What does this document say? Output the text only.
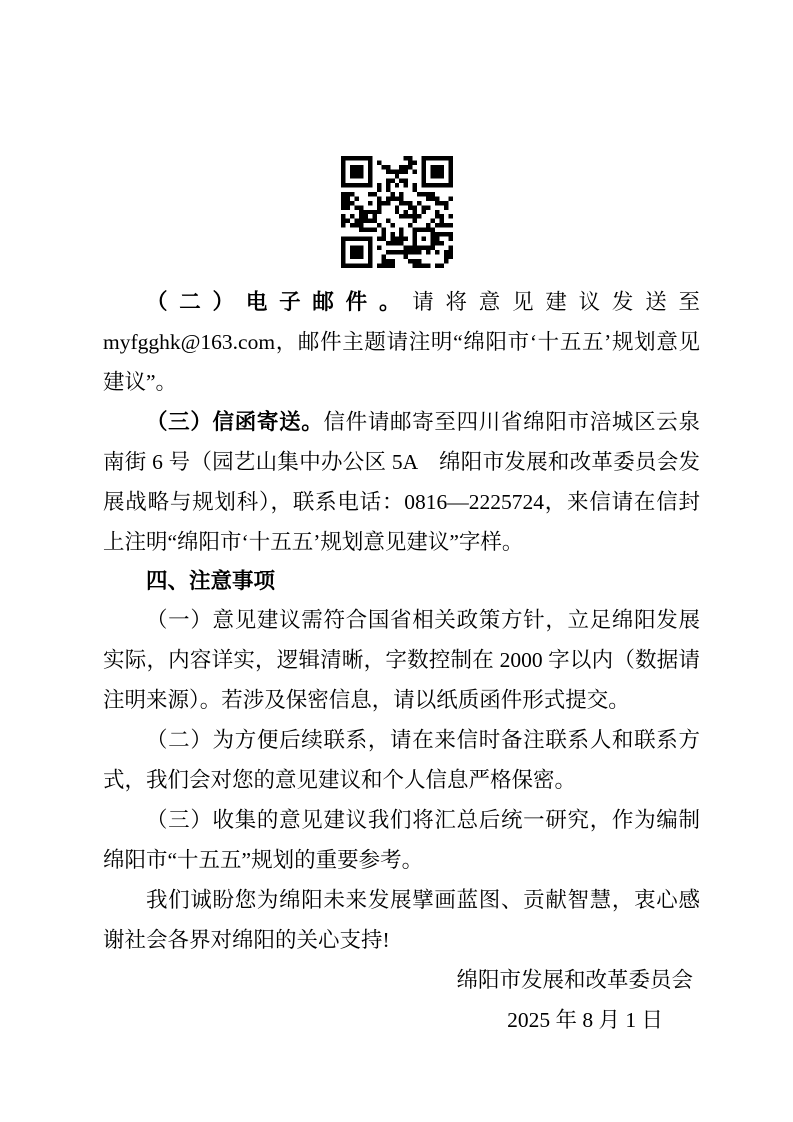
（二）电子邮件。请将意见建议发送至 myfgghk@163.com，邮件主题请注明“绵阳市‘十五五’规划意见建议”。

（三）信函寄送。信件请邮寄至四川省绵阳市涪城区云泉南街 6 号（园艺山集中办公区 5A　绵阳市发展和改革委员会发展战略与规划科），联系电话：0816—2225724，来信请在信封上注明“绵阳市‘十五五’规划意见建议”字样。

四、注意事项

（一）意见建议需符合国省相关政策方针，立足绵阳发展实际，内容详实，逻辑清晰，字数控制在 2000 字以内（数据请注明来源）。若涉及保密信息，请以纸质函件形式提交。

（二）为方便后续联系，请在来信时备注联系人和联系方式，我们会对您的意见建议和个人信息严格保密。

（三）收集的意见建议我们将汇总后统一研究，作为编制绵阳市“十五五”规划的重要参考。

我们诚盼您为绵阳未来发展擘画蓝图、贡献智慧，衷心感谢社会各界对绵阳的关心支持!

绵阳市发展和改革委员会

2025 年 8 月 1 日
